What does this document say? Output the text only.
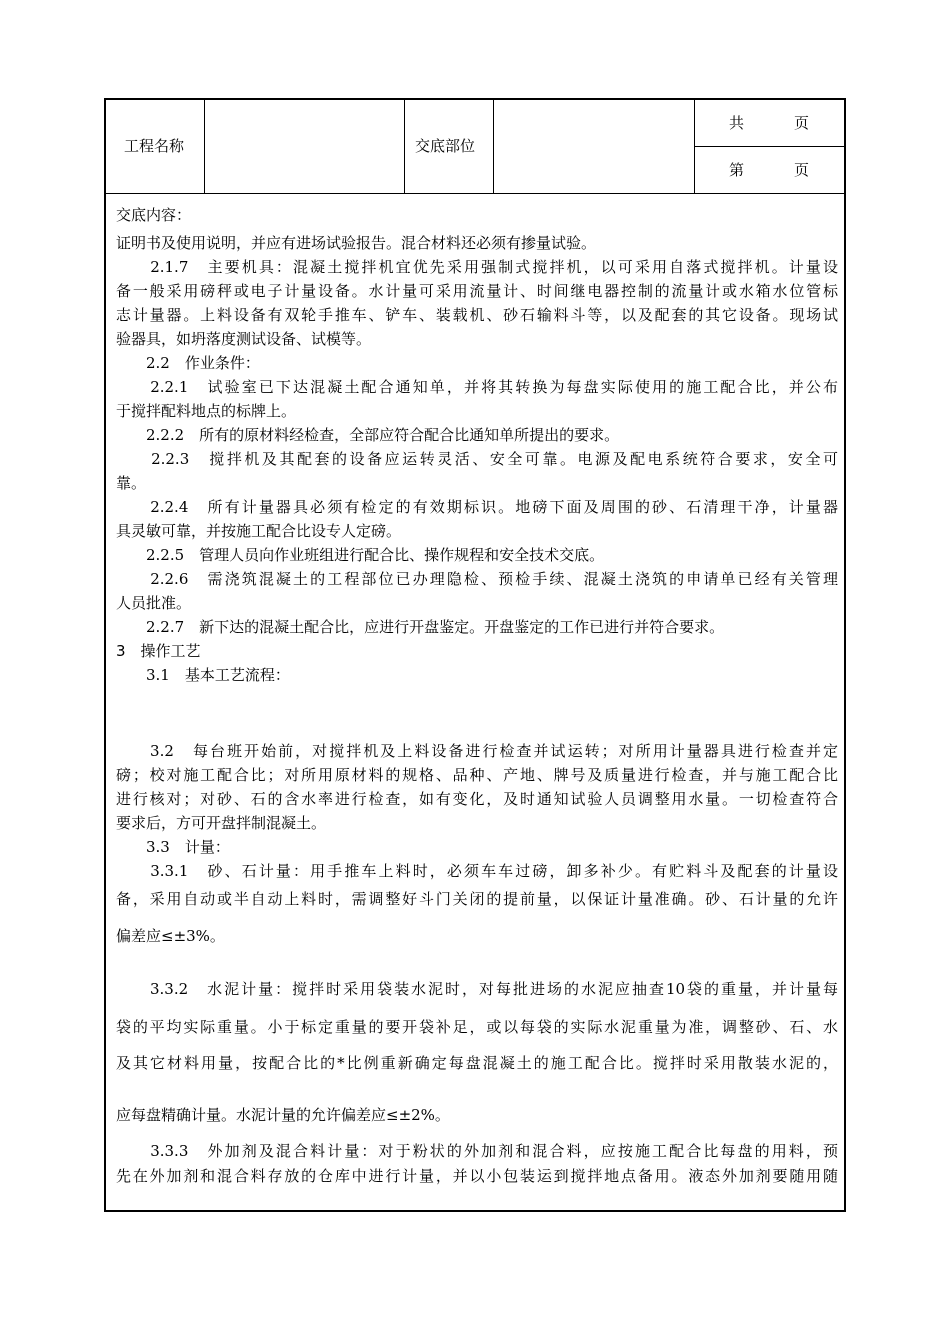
工程名称	交底部位
共	页
第	页
交底内容：
证明书及使用说明，并应有进场试验报告。混合材料还必须有掺量试验。
　　2.1.7　主要机具：混凝土搅拌机宜优先采用强制式搅拌机，以可采用自落式搅拌机。计量设
备一般采用磅秤或电子计量设备。水计量可采用流量计、时间继电器控制的流量计或水箱水位管标
志计量器。上料设备有双轮手推车、铲车、装载机、砂石输料斗等，以及配套的其它设备。现场试
验器具，如坍落度测试设备、试模等。
　　2.2　作业条件：
　　2.2.1　试验室已下达混凝土配合通知单，并将其转换为每盘实际使用的施工配合比，并公布
于搅拌配料地点的标牌上。
　　2.2.2　所有的原材料经检查，全部应符合配合比通知单所提出的要求。
　　2.2.3　搅拌机及其配套的设备应运转灵活、安全可靠。电源及配电系统符合要求，安全可
靠。
　　2.2.4　所有计量器具必须有检定的有效期标识。地磅下面及周围的砂、石清理干净，计量器
具灵敏可靠，并按施工配合比设专人定磅。
　　2.2.5　管理人员向作业班组进行配合比、操作规程和安全技术交底。
　　2.2.6　需浇筑混凝土的工程部位已办理隐检、预检手续、混凝土浇筑的申请单已经有关管理
人员批准。
　　2.2.7　新下达的混凝土配合比，应进行开盘鉴定。开盘鉴定的工作已进行并符合要求。
3　操作工艺
　　3.1　基本工艺流程：
　　3.2　每台班开始前，对搅拌机及上料设备进行检查并试运转；对所用计量器具进行检查并定
磅；校对施工配合比；对所用原材料的规格、品种、产地、牌号及质量进行检查，并与施工配合比
进行核对；对砂、石的含水率进行检查，如有变化，及时通知试验人员调整用水量。一切检查符合
要求后，方可开盘拌制混凝土。
　　3.3　计量：
　　3.3.1　砂、石计量：用手推车上料时，必须车车过磅，卸多补少。有贮料斗及配套的计量设
备，采用自动或半自动上料时，需调整好斗门关闭的提前量，以保证计量准确。砂、石计量的允许
偏差应≤±3%。
　　3.3.2　水泥计量：搅拌时采用袋装水泥时，对每批进场的水泥应抽查10袋的重量，并计量每
袋的平均实际重量。小于标定重量的要开袋补足，或以每袋的实际水泥重量为准，调整砂、石、水
及其它材料用量，按配合比的*比例重新确定每盘混凝土的施工配合比。搅拌时采用散装水泥的，
应每盘精确计量。水泥计量的允许偏差应≤±2%。
　　3.3.3　外加剂及混合料计量：对于粉状的外加剂和混合料，应按施工配合比每盘的用料，预
先在外加剂和混合料存放的仓库中进行计量，并以小包装运到搅拌地点备用。液态外加剂要随用随
